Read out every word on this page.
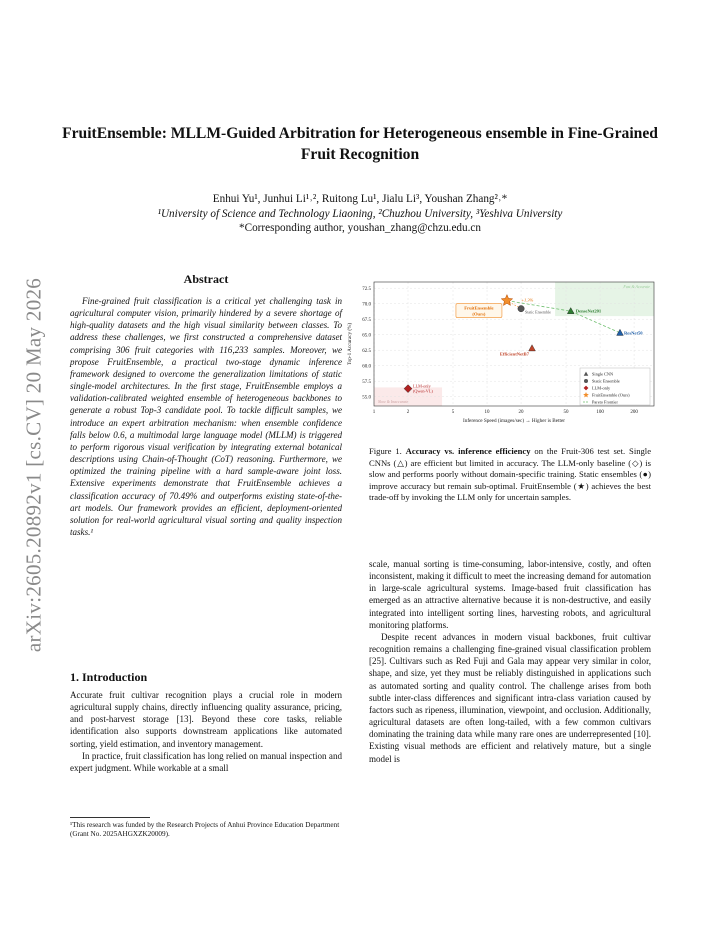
arXiv:2605.20892v1 [cs.CV] 20 May 2026
FruitEnsemble: MLLM-Guided Arbitration for Heterogeneous ensemble in Fine-Grained Fruit Recognition
Enhui Yu¹, Junhui Li¹˒², Ruitong Lu¹, Jialu Li³, Youshan Zhang²˒*
¹University of Science and Technology Liaoning, ²Chuzhou University, ³Yeshiva University
*Corresponding author, youshan_zhang@chzu.edu.cn
Abstract
Fine-grained fruit classification is a critical yet challenging task in agricultural computer vision, primarily hindered by a severe shortage of high-quality datasets and the high visual similarity between classes. To address these challenges, we first constructed a comprehensive dataset comprising 306 fruit categories with 116,233 samples. Moreover, we propose FruitEnsemble, a practical two-stage dynamic inference framework designed to overcome the generalization limitations of static single-model architectures. In the first stage, FruitEnsemble employs a validation-calibrated weighted ensemble of heterogeneous backbones to generate a robust Top-3 candidate pool. To tackle difficult samples, we introduce an expert arbitration mechanism: when ensemble confidence falls below 0.6, a multimodal large language model (MLLM) is triggered to perform rigorous visual verification by integrating external botanical descriptions using Chain-of-Thought (CoT) reasoning. Furthermore, we optimized the training pipeline with a hard sample-aware joint loss. Extensive experiments demonstrate that FruitEnsemble achieves a classification accuracy of 70.49% and outperforms existing state-of-the-art models. Our framework provides an efficient, deployment-oriented solution for real-world agricultural visual sorting and quality inspection tasks.¹
1. Introduction

Accurate fruit cultivar recognition plays a crucial role in modern agricultural supply chains, directly influencing quality assurance, pricing, and post-harvest storage [13]. Beyond these core tasks, reliable identification also supports downstream applications like automated sorting, yield estimation, and inventory management.

In practice, fruit classification has long relied on manual inspection and expert judgment. While workable at a small

¹This research was funded by the Research Projects of Anhui Province Education Department (Grant No. 2025AHGXZK20009).
55.0
57.5
60.0
62.5
65.0
67.5
70.0
72.5
1	2	5	10	20	50	100	200
Inference Speed (images/sec) → Higher is Better
Top-1 Accuracy (%)
Fast & Accurate
Slow & Inaccurate
+1.3%
FruitEnsemble
(Ours)	Static Ensemble	DenseNet201
ResNet50
EfficientNetB7
LLM-only
(Qwen-VL)
Single CNN
Static Ensemble
LLM-only
FruitEnsemble (Ours)
Pareto Frontier
Figure 1. Accuracy vs. inference efficiency on the Fruit-306 test set. Single CNNs (△) are efficient but limited in accuracy. The LLM-only baseline (◇) is slow and performs poorly without domain-specific training. Static ensembles (●) improve accuracy but remain sub-optimal. FruitEnsemble (★) achieves the best trade-off by invoking the LLM only for uncertain samples.

scale, manual sorting is time-consuming, labor-intensive, costly, and often inconsistent, making it difficult to meet the increasing demand for automation in large-scale agricultural systems. Image-based fruit classification has emerged as an attractive alternative because it is non-destructive, and easily integrated into intelligent sorting lines, harvesting robots, and agricultural monitoring platforms.

Despite recent advances in modern visual backbones, fruit cultivar recognition remains a challenging fine-grained visual classification problem [25]. Cultivars such as Red Fuji and Gala may appear very similar in color, shape, and size, yet they must be reliably distinguished in applications such as automated sorting and quality control. The challenge arises from both subtle inter-class differences and significant intra-class variation caused by factors such as ripeness, illumination, viewpoint, and occlusion. Additionally, agricultural datasets are often long-tailed, with a few common cultivars dominating the training data while many rare ones are underrepresented [10]. Existing visual methods are efficient and relatively mature, but a single model is
